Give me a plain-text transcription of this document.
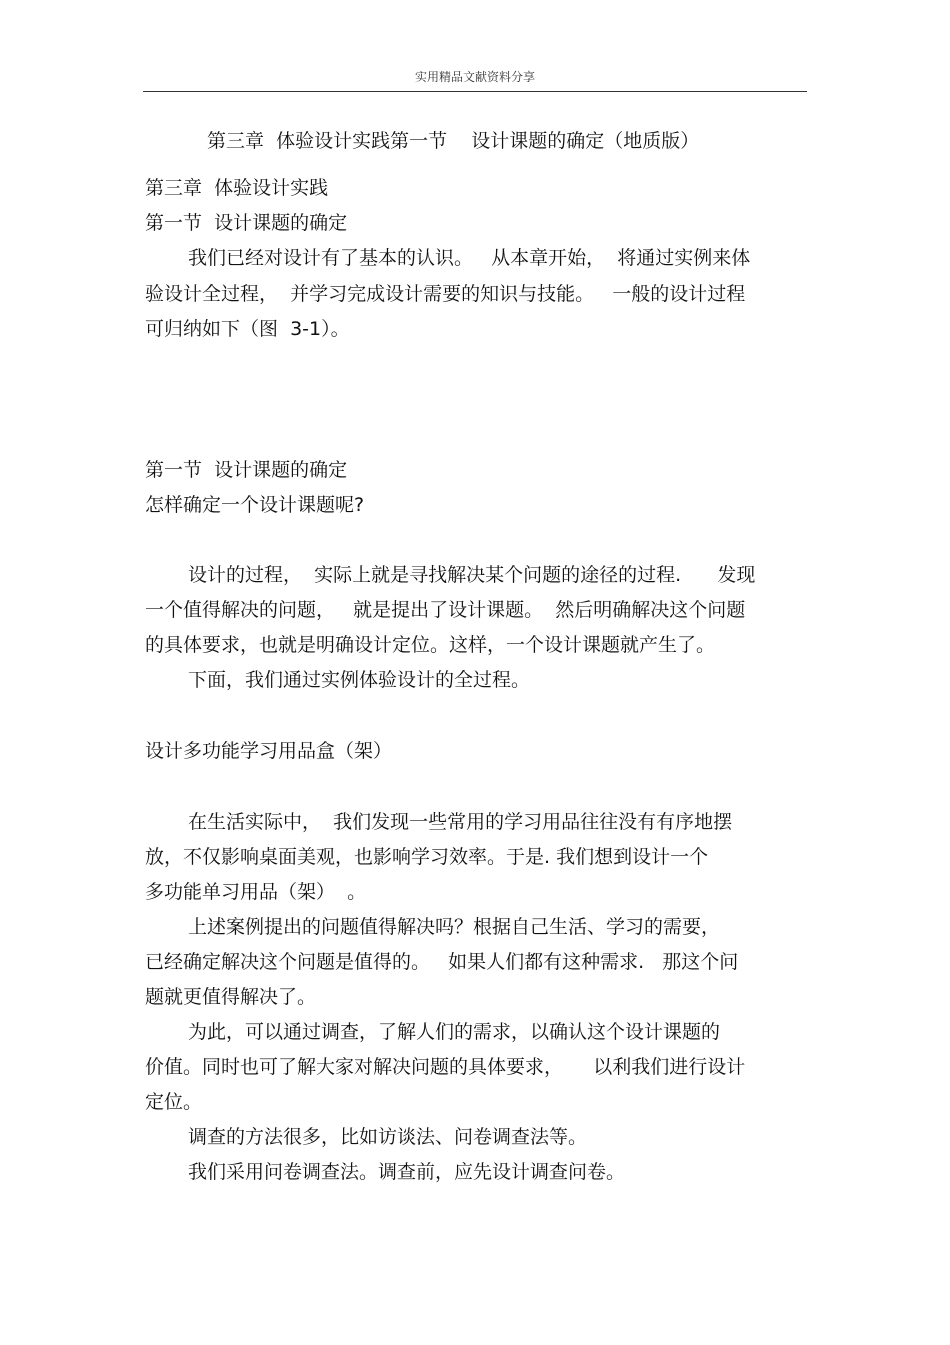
实用精品文献资料分享
第三章  体验设计实践第一节    设计课题的确定（地质版）
第三章  体验设计实践
第一节  设计课题的确定
我们已经对设计有了基本的认识。   从本章开始，  将通过实例来体
验设计全过程，  并学习完成设计需要的知识与技能。   一般的设计过程
可归纳如下（图  3-1）。
第一节  设计课题的确定
怎样确定一个设计课题呢?
设计的过程，  实际上就是寻找解决某个问题的途径的过程.      发现
一个值得解决的问题，   就是提出了设计课题。  然后明确解决这个问题
的具体要求，也就是明确设计定位。这样，一个设计课题就产生了。
下面，我们通过实例体验设计的全过程。
设计多功能学习用品盒（架）
在生活实际中，  我们发现一些常用的学习用品往往没有有序地摆
放，不仅影响桌面美观，也影响学习效率。于是. 我们想到设计一个
多功能单习用品（架）  。
上述案例提出的问题值得解决吗？根据自己生活、学习的需要，
已经确定解决这个问题是值得的。   如果人们都有这种需求.   那这个问
题就更值得解决了。
为此，可以通过调查，了解人们的需求，以确认这个设计课题的
价值。同时也可了解大家对解决问题的具体要求，     以利我们进行设计
定位。
调查的方法很多，比如访谈法、问卷调查法等。
我们采用问卷调查法。调查前，应先设计调查问卷。
